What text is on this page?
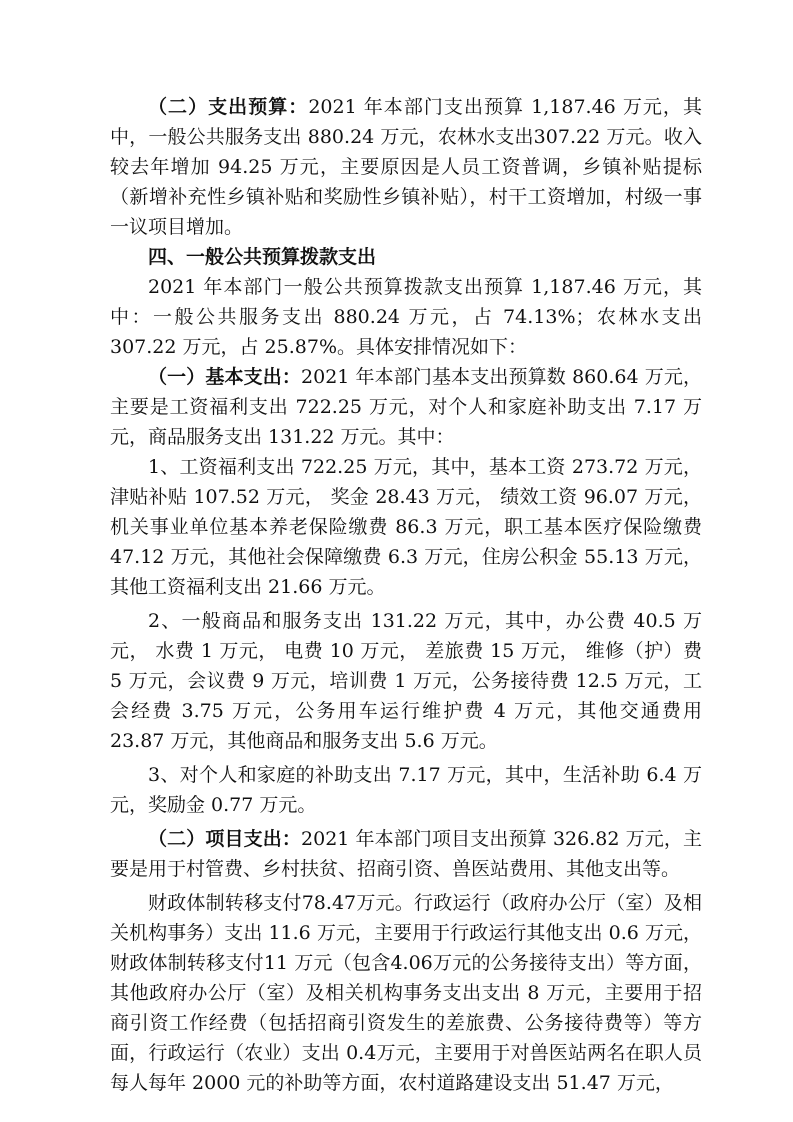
（二）支出预算：2021 年本部门支出预算 1,187.46 万元，其中，一般公共服务支出 880.24 万元，农林水支出307.22 万元。收入较去年增加 94.25 万元，主要原因是人员工资普调，乡镇补贴提标（新增补充性乡镇补贴和奖励性乡镇补贴），村干工资增加，村级一事一议项目增加。

四、一般公共预算拨款支出

2021 年本部门一般公共预算拨款支出预算 1,187.46 万元，其中：一般公共服务支出 880.24 万元，占 74.13%；农林水支出 307.22 万元，占 25.87%。具体安排情况如下：

（一）基本支出：2021 年本部门基本支出预算数 860.64 万元，主要是工资福利支出 722.25 万元，对个人和家庭补助支出 7.17 万元，商品服务支出 131.22 万元。其中：

1、工资福利支出 722.25 万元，其中，基本工资 273.72 万元， 津贴补贴 107.52 万元， 奖金 28.43 万元， 绩效工资 96.07 万元，机关事业单位基本养老保险缴费 86.3 万元，职工基本医疗保险缴费 47.12 万元，其他社会保障缴费 6.3 万元，住房公积金 55.13 万元，其他工资福利支出 21.66 万元。

2、一般商品和服务支出 131.22 万元，其中，办公费 40.5 万元， 水费 1 万元， 电费 10 万元， 差旅费 15 万元， 维修（护）费 5 万元，会议费 9 万元，培训费 1 万元，公务接待费 12.5 万元，工会经费 3.75 万元，公务用车运行维护费 4 万元，其他交通费用 23.87 万元，其他商品和服务支出 5.6 万元。

3、对个人和家庭的补助支出 7.17 万元，其中，生活补助 6.4 万元，奖励金 0.77 万元。

（二）项目支出：2021 年本部门项目支出预算 326.82 万元，主要是用于村管费、乡村扶贫、招商引资、兽医站费用、其他支出等。

财政体制转移支付78.47万元。行政运行（政府办公厅（室）及相关机构事务）支出 11.6 万元，主要用于行政运行其他支出 0.6 万元，财政体制转移支付11 万元（包含4.06万元的公务接待支出）等方面，其他政府办公厅（室）及相关机构事务支出支出 8 万元，主要用于招商引资工作经费（包括招商引资发生的差旅费、公务接待费等）等方面，行政运行（农业）支出 0.4万元，主要用于对兽医站两名在职人员每人每年 2000 元的补助等方面，农村道路建设支出 51.47 万元，
